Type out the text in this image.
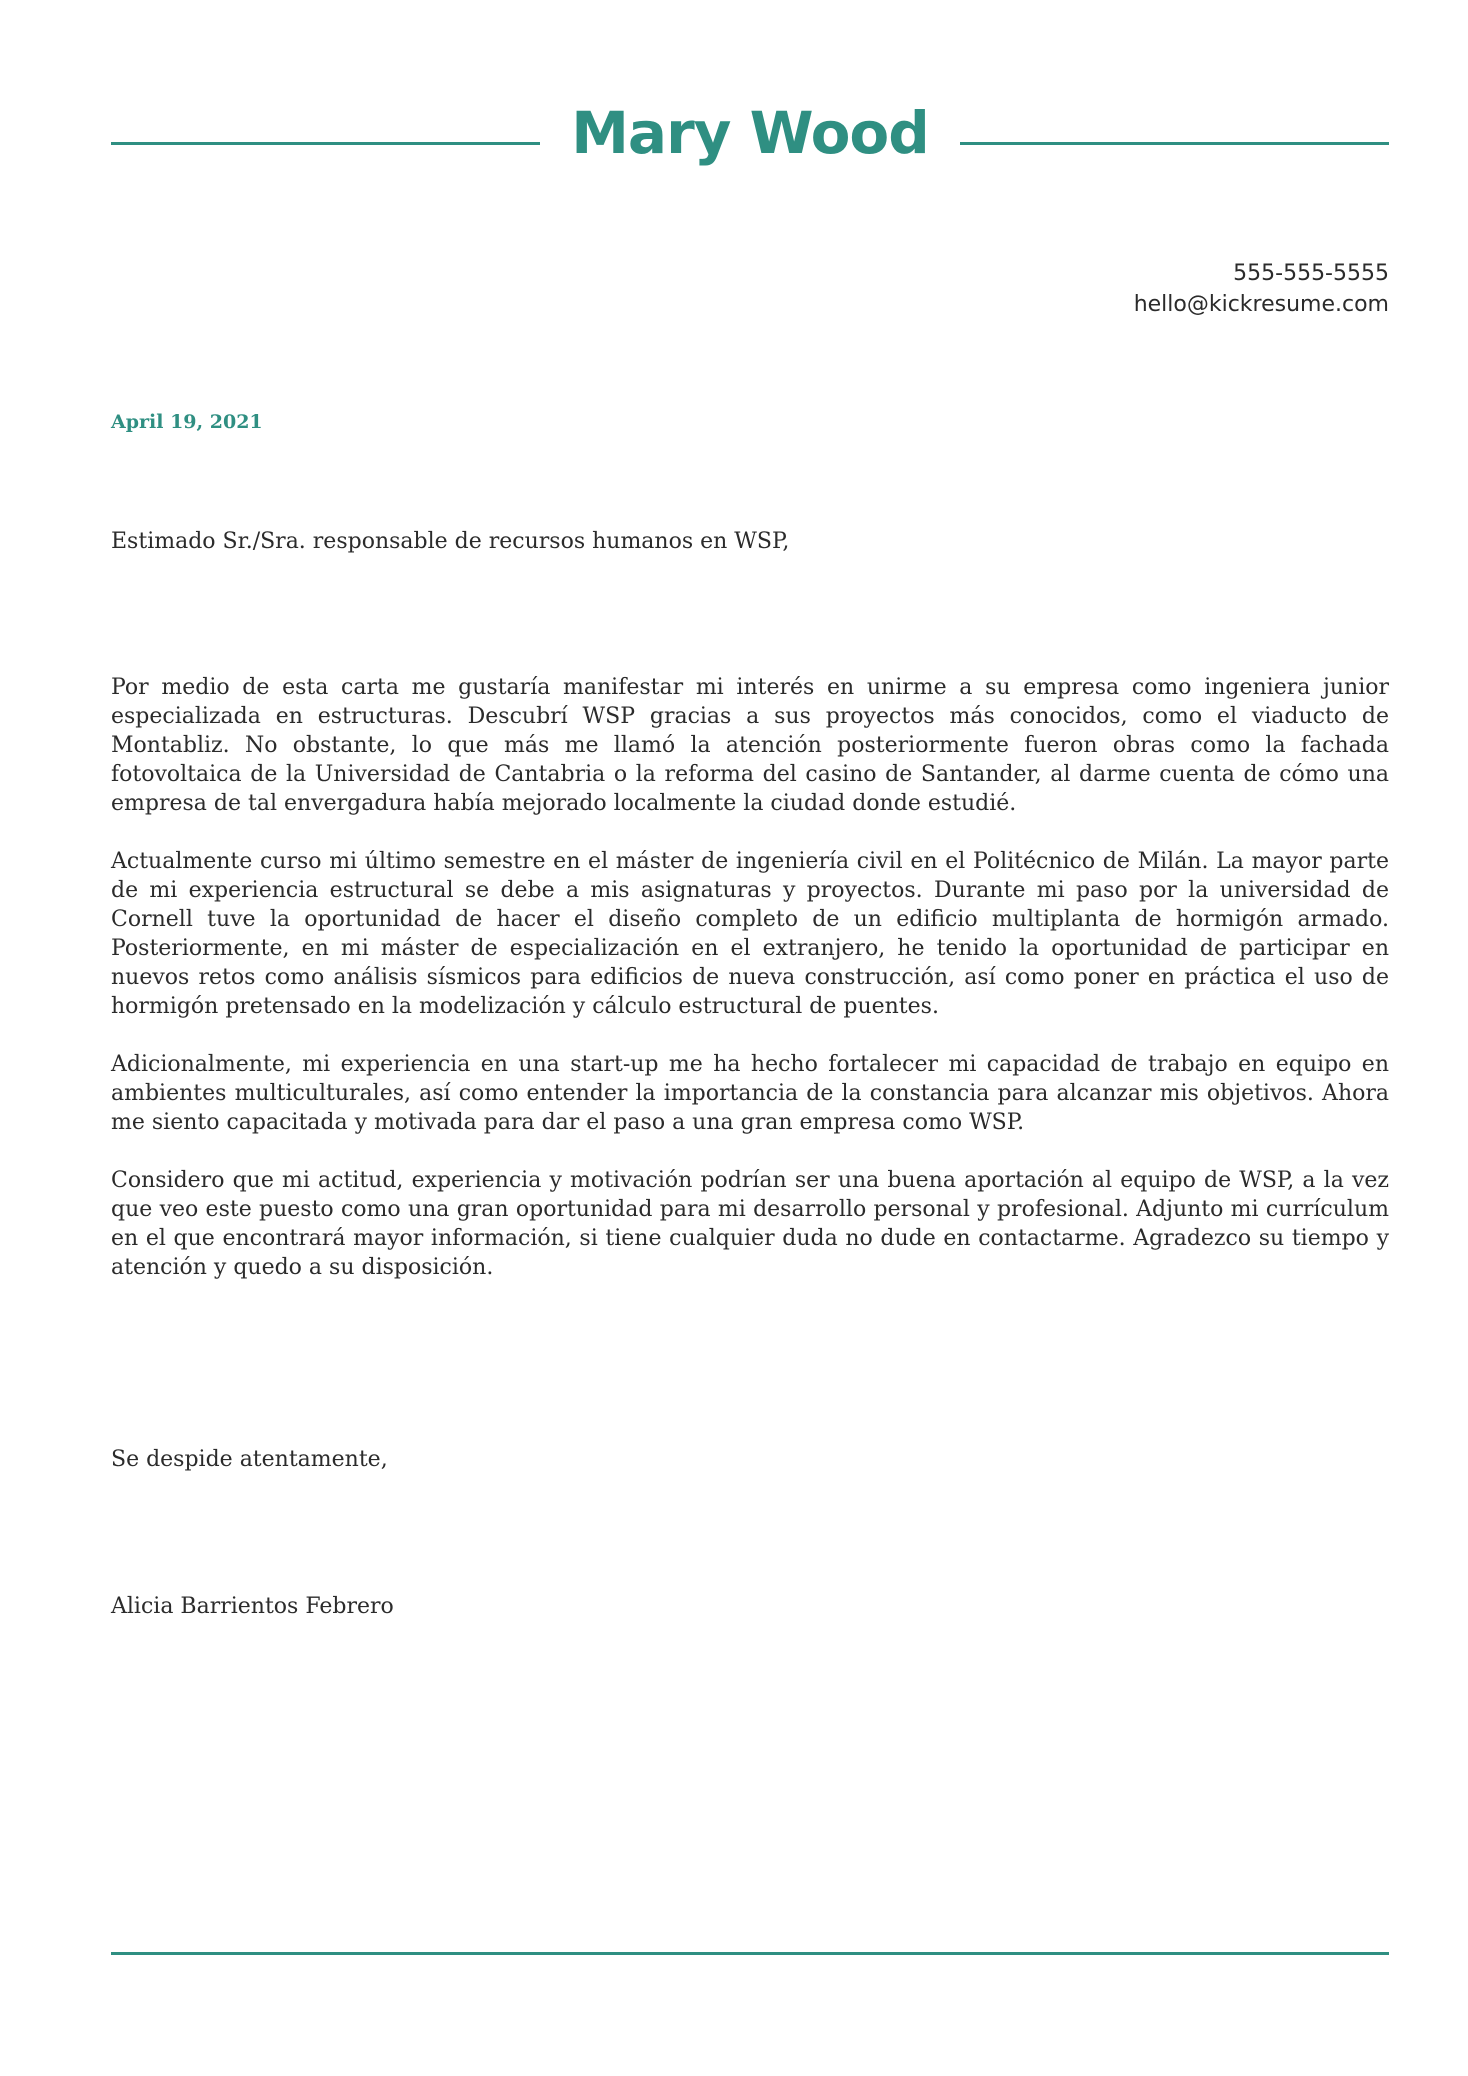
Mary Wood
555-555-5555
hello@kickresume.com
April 19, 2021
Estimado Sr./Sra. responsable de recursos humanos en WSP,

Por medio de esta carta me gustaría manifestar mi interés en unirme a su empresa como ingeniera junior especializada en estructuras. Descubrí WSP gracias a sus proyectos más conocidos, como el viaducto de Montabliz. No obstante, lo que más me llamó la atención posteriormente fueron obras como la fachada fotovoltaica de la Universidad de Cantabria o la reforma del casino de Santander, al darme cuenta de cómo una empresa de tal envergadura había mejorado localmente la ciudad donde estudié.

Actualmente curso mi último semestre en el máster de ingeniería civil en el Politécnico de Milán. La mayor parte de mi experiencia estructural se debe a mis asignaturas y proyectos. Durante mi paso por la universidad de Cornell tuve la oportunidad de hacer el diseño completo de un edificio multiplanta de hormigón armado. Posteriormente, en mi máster de especialización en el extranjero, he tenido la oportunidad de participar en nuevos retos como análisis sísmicos para edificios de nueva construcción, así como poner en práctica el uso de hormigón pretensado en la modelización y cálculo estructural de puentes.

Adicionalmente, mi experiencia en una start-up me ha hecho fortalecer mi capacidad de trabajo en equipo en ambientes multiculturales, así como entender la importancia de la constancia para alcanzar mis objetivos. Ahora me siento capacitada y motivada para dar el paso a una gran empresa como WSP.

Considero que mi actitud, experiencia y motivación podrían ser una buena aportación al equipo de WSP, a la vez que veo este puesto como una gran oportunidad para mi desarrollo personal y profesional. Adjunto mi currículum en el que encontrará mayor información, si tiene cualquier duda no dude en contactarme. Agradezco su tiempo y atención y quedo a su disposición.

Se despide atentamente,
Alicia Barrientos Febrero
